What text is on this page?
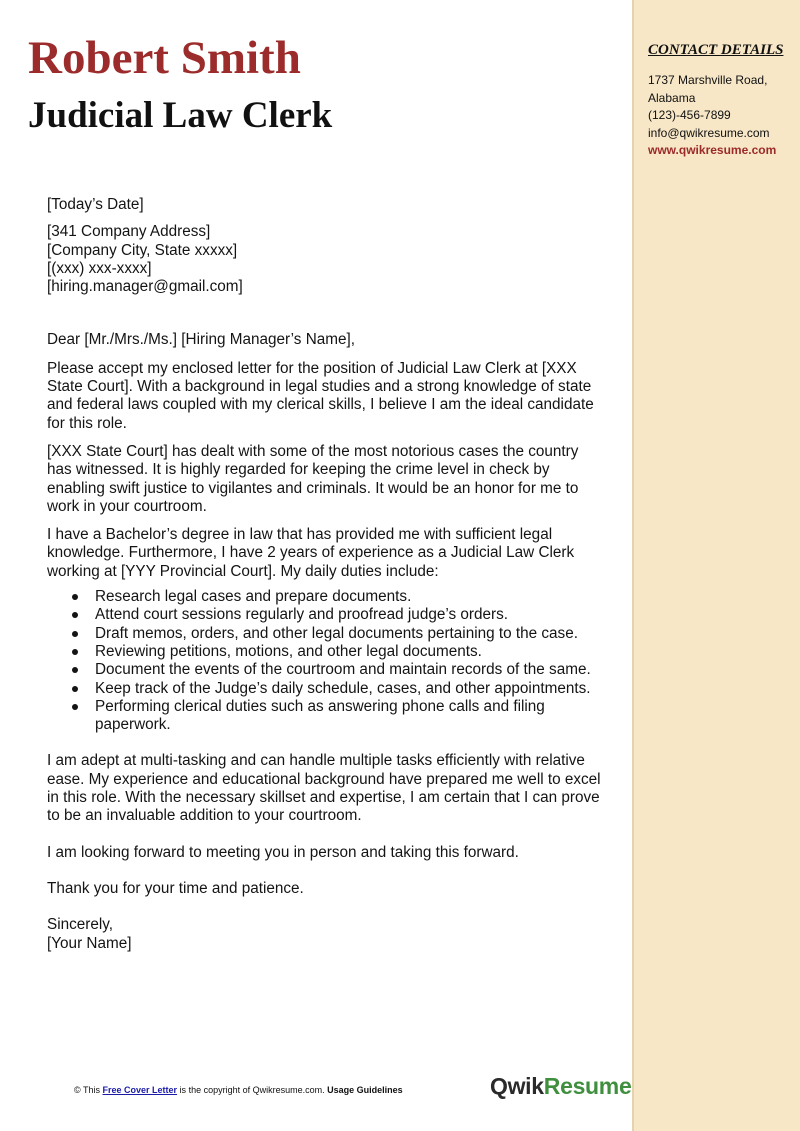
CONTACT DETAILS
1737 Marshville Road,
Alabama
(123)-456-7899
info@qwikresume.com
www.qwikresume.com
Robert Smith
Judicial Law Clerk

[Today’s Date]

[341 Company Address]

[Company City, State xxxxx]

[(xxx) xxx-xxxx]

[hiring.manager@gmail.com]

Dear [Mr./Mrs./Ms.] [Hiring Manager’s Name],

Please accept my enclosed letter for the position of Judicial Law Clerk at [XXX State Court]. With a background in legal studies and a strong knowledge of state and federal laws coupled with my clerical skills, I believe I am the ideal candidate for this role.

[XXX State Court] has dealt with some of the most notorious cases the country has witnessed. It is highly regarded for keeping the crime level in check by enabling swift justice to vigilantes and criminals. It would be an honor for me to work in your courtroom.

I have a Bachelor’s degree in law that has provided me with sufficient legal knowledge. Furthermore, I have 2 years of experience as a Judicial Law Clerk working at [YYY Provincial Court]. My daily duties include:

Research legal cases and prepare documents.
Attend court sessions regularly and proofread judge’s orders.
Draft memos, orders, and other legal documents pertaining to the case.
Reviewing petitions, motions, and other legal documents.
Document the events of the courtroom and maintain records of the same.
Keep track of the Judge’s daily schedule, cases, and other appointments.
Performing clerical duties such as answering phone calls and filing paperwork.

I am adept at multi-tasking and can handle multiple tasks efficiently with relative ease. My experience and educational background have prepared me well to excel in this role. With the necessary skillset and expertise, I am certain that I can prove to be an invaluable addition to your courtroom.

I am looking forward to meeting you in person and taking this forward.

Thank you for your time and patience.

Sincerely,

[Your Name]

© This Free Cover Letter is the copyright of Qwikresume.com. Usage Guidelines	QwikResume
